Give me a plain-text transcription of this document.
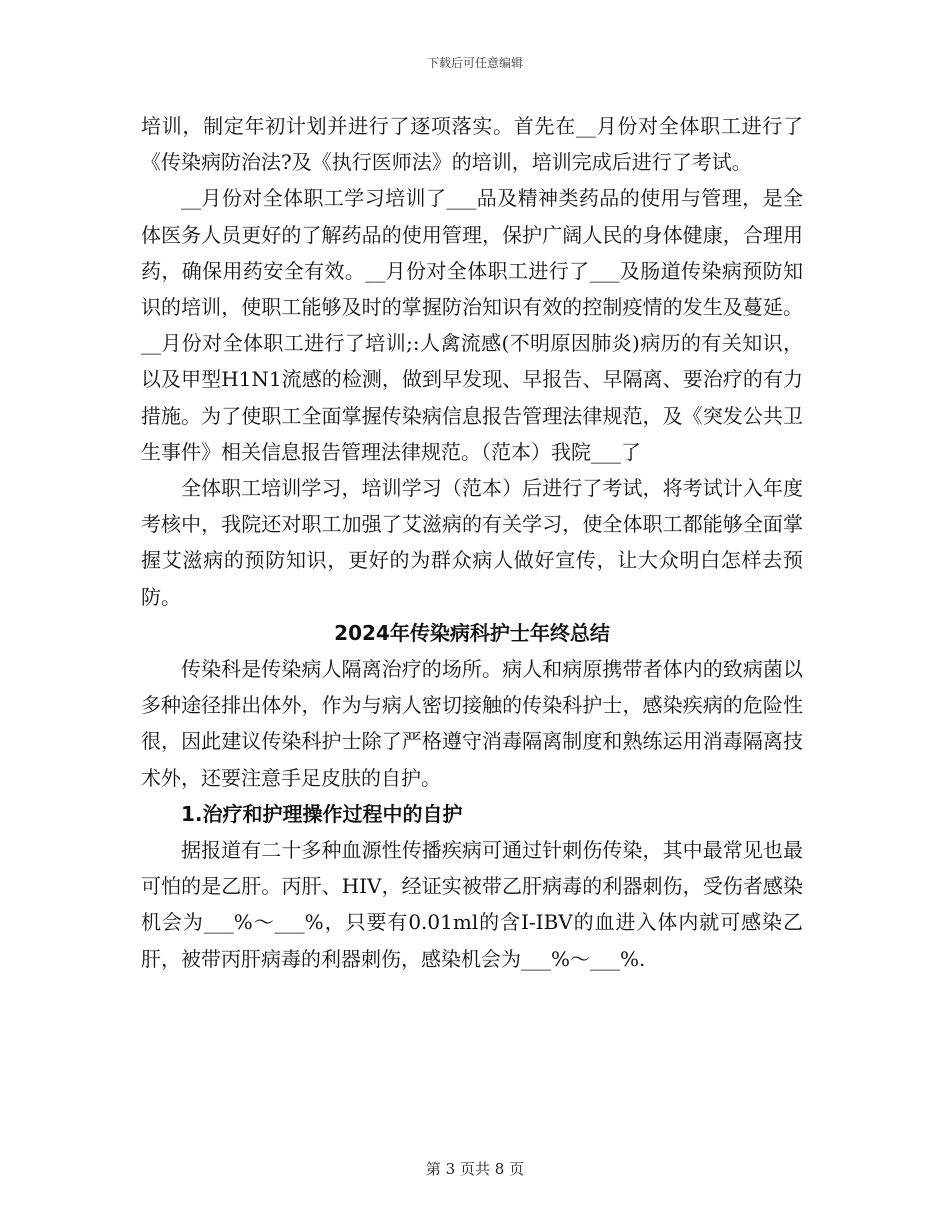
下载后可任意编辑

培训，制定年初计划并进行了逐项落实。首先在__月份对全体职工进行了《传染病防治法?及《执行医师法》的培训，培训完成后进行了考试。

__月份对全体职工学习培训了___品及精神类药品的使用与管理，是全体医务人员更好的了解药品的使用管理，保护广阔人民的身体健康，合理用药，确保用药安全有效。__月份对全体职工进行了___及肠道传染病预防知识的培训，使职工能够及时的掌握防治知识有效的控制疫情的发生及蔓延。__月份对全体职工进行了培训;:人禽流感(不明原因肺炎)病历的有关知识，以及甲型H1N1流感的检测，做到早发现、早报告、早隔离、要治疗的有力措施。为了使职工全面掌握传染病信息报告管理法律规范，及《突发公共卫生事件》相关信息报告管理法律规范。（范本）我院___了

全体职工培训学习，培训学习（范本）后进行了考试，将考试计入年度考核中，我院还对职工加强了艾滋病的有关学习，使全体职工都能够全面掌握艾滋病的预防知识，更好的为群众病人做好宣传，让大众明白怎样去预防。

2024年传染病科护士年终总结

传染科是传染病人隔离治疗的场所。病人和病原携带者体内的致病菌以多种途径排出体外，作为与病人密切接触的传染科护士，感染疾病的危险性很，因此建议传染科护士除了严格遵守消毒隔离制度和熟练运用消毒隔离技术外，还要注意手足皮肤的自护。

1.治疗和护理操作过程中的自护

据报道有二十多种血源性传播疾病可通过针刺伤传染，其中最常见也最可怕的是乙肝。丙肝、HIV，经证实被带乙肝病毒的利器刺伤，受伤者感染机会为___%～___%，只要有0.01ml的含I-IBV的血进入体内就可感染乙肝，被带丙肝病毒的利器刺伤，感染机会为___%～___%.

第 3 页共 8 页
